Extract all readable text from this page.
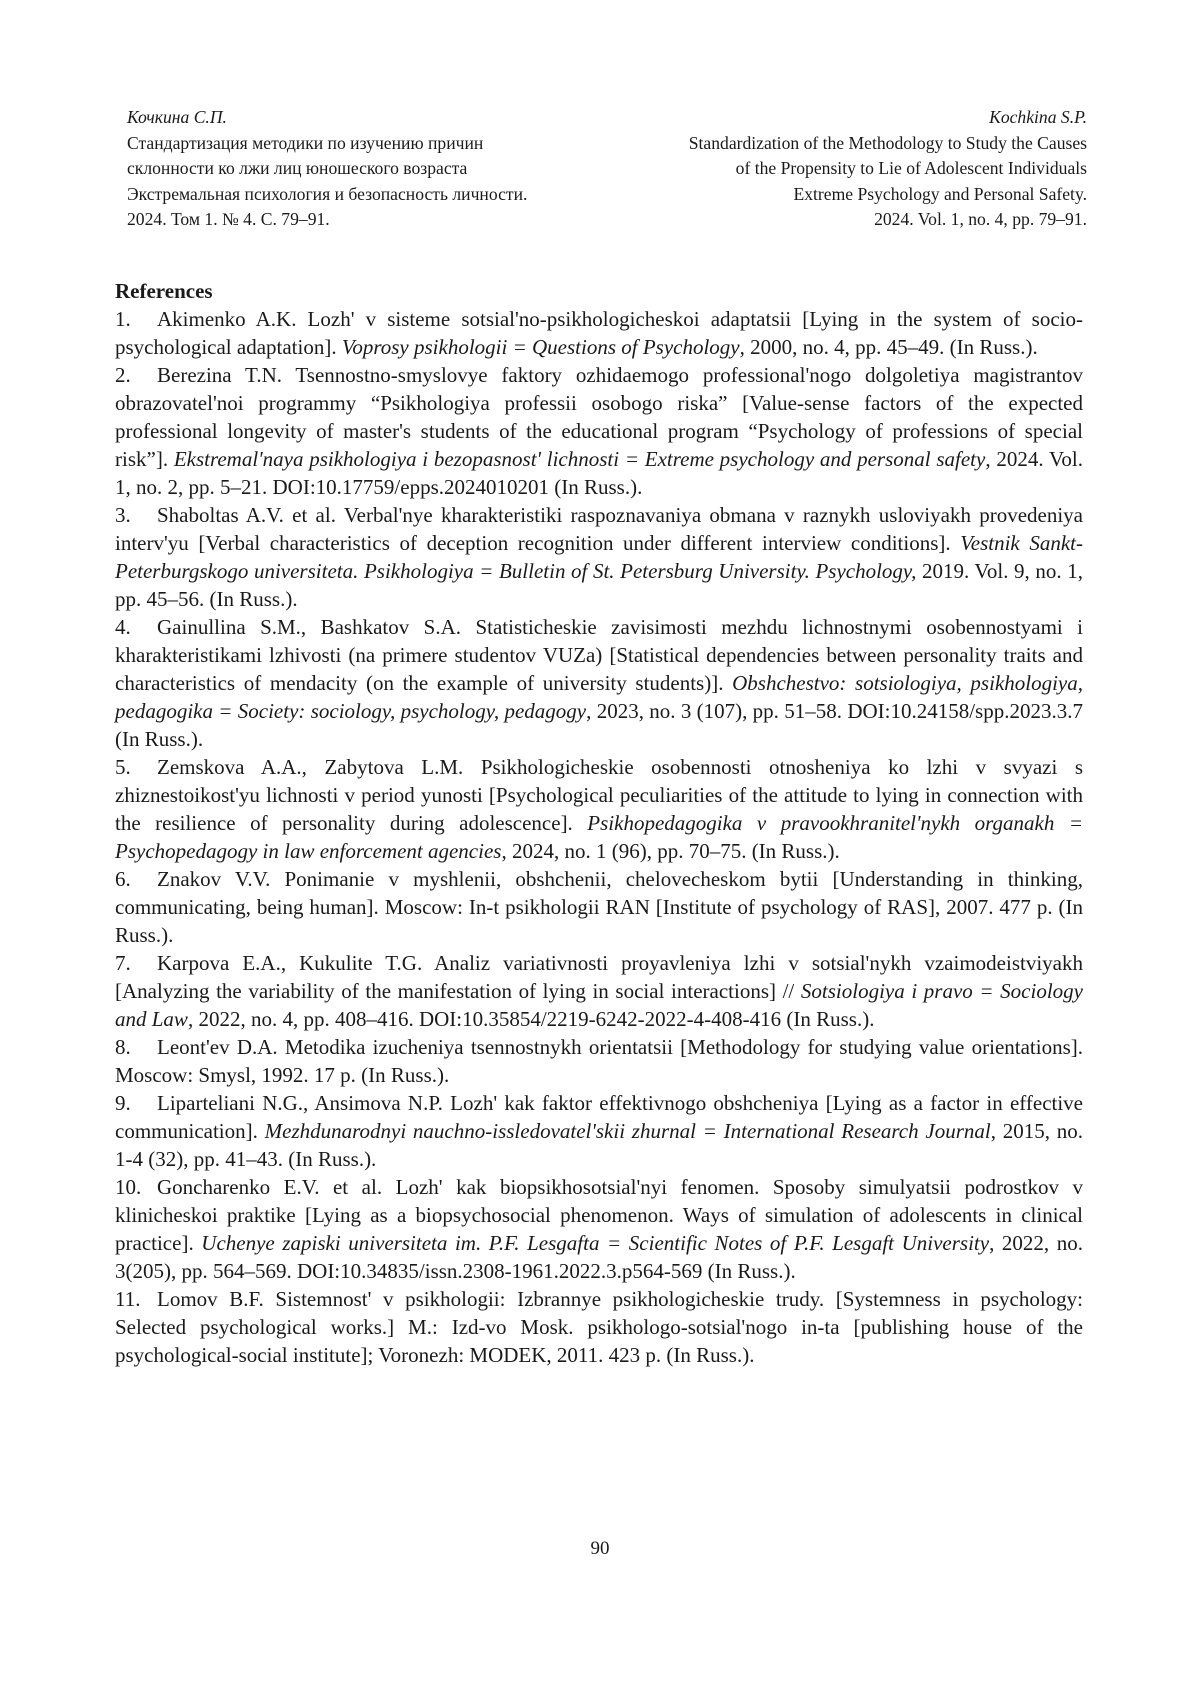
Кочкина С.П.
Стандартизация методики по изучению причин
склонности ко лжи лиц юношеского возраста
Экстремальная психология и безопасность личности.
2024. Том 1. № 4. С. 79–91.
Kochkina S.P.
Standardization of the Methodology to Study the Causes
of the Propensity to Lie of Adolescent Individuals
Extreme Psychology and Personal Safety.
2024. Vol. 1, no. 4, pp. 79–91.

References

1. Akimenko A.K. Lozh' v sisteme sotsial'no-psikhologicheskoi adaptatsii [Lying in the system of socio-psychological adaptation]. Voprosy psikhologii = Questions of Psychology, 2000, no. 4, pp. 45–49. (In Russ.).

2. Berezina T.N. Tsennostno-smyslovye faktory ozhidaemogo professional'nogo dolgoletiya magistrantov obrazovatel'noi programmy “Psikhologiya professii osobogo riska” [Value-sense factors of the expected professional longevity of master's students of the educational program “Psychology of professions of special risk”]. Ekstremal'naya psikhologiya i bezopasnost' lichnosti = Extreme psychology and personal safety, 2024. Vol. 1, no. 2, pp. 5–21. DOI:10.17759/epps.2024010201 (In Russ.).

3. Shaboltas A.V. et al. Verbal'nye kharakteristiki raspoznavaniya obmana v raznykh usloviyakh provedeniya interv'yu [Verbal characteristics of deception recognition under different interview conditions]. Vestnik Sankt-Peterburgskogo universiteta. Psikhologiya = Bulletin of St. Petersburg University. Psychology, 2019. Vol. 9, no. 1, pp. 45–56. (In Russ.).

4. Gainullina S.M., Bashkatov S.A. Statisticheskie zavisimosti mezhdu lichnostnymi osobennostyami i kharakteristikami lzhivosti (na primere studentov VUZa) [Statistical dependencies between personality traits and characteristics of mendacity (on the example of university students)]. Obshchestvo: sotsiologiya, psikhologiya, pedagogika = Society: sociology, psychology, pedagogy, 2023, no. 3 (107), pp. 51–58. DOI:10.24158/spp.2023.3.7 (In Russ.).

5. Zemskova A.A., Zabytova L.M. Psikhologicheskie osobennosti otnosheniya ko lzhi v svyazi s zhiznestoikost'yu lichnosti v period yunosti [Psychological peculiarities of the attitude to lying in connection with the resilience of personality during adolescence]. Psikhopedagogika v pravookhranitel'nykh organakh = Psychopedagogy in law enforcement agencies, 2024, no. 1 (96), pp. 70–75. (In Russ.).

6. Znakov V.V. Ponimanie v myshlenii, obshchenii, chelovecheskom bytii [Understanding in thinking, communicating, being human]. Moscow: In-t psikhologii RAN [Institute of psychology of RAS], 2007. 477 p. (In Russ.).

7. Karpova E.A., Kukulite T.G. Analiz variativnosti proyavleniya lzhi v sotsial'nykh vzaimodeistviyakh [Analyzing the variability of the manifestation of lying in social interactions] // Sotsiologiya i pravo = Sociology and Law, 2022, no. 4, pp. 408–416. DOI:10.35854/2219-6242-2022-4-408-416 (In Russ.).

8. Leont'ev D.A. Metodika izucheniya tsennostnykh orientatsii [Methodology for studying value orientations]. Moscow: Smysl, 1992. 17 p. (In Russ.).

9. Liparteliani N.G., Ansimova N.P. Lozh' kak faktor effektivnogo obshcheniya [Lying as a factor in effective communication]. Mezhdunarodnyi nauchno-issledovatel'skii zhurnal = International Research Journal, 2015, no. 1-4 (32), pp. 41–43. (In Russ.).

10. Goncharenko E.V. et al. Lozh' kak biopsikhosotsial'nyi fenomen. Sposoby simulyatsii podrostkov v klinicheskoi praktike [Lying as a biopsychosocial phenomenon. Ways of simulation of adolescents in clinical practice]. Uchenye zapiski universiteta im. P.F. Lesgafta = Scientific Notes of P.F. Lesgaft University, 2022, no. 3(205), pp. 564–569. DOI:10.34835/issn.2308-1961.2022.3.p564-569 (In Russ.).

11. Lomov B.F. Sistemnost' v psikhologii: Izbrannye psikhologicheskie trudy. [Systemness in psychology: Selected psychological works.] M.: Izd-vo Mosk. psikhologo-sotsial'nogo in-ta [publishing house of the psychological-social institute]; Voronezh: MODEK, 2011. 423 p. (In Russ.).

90
